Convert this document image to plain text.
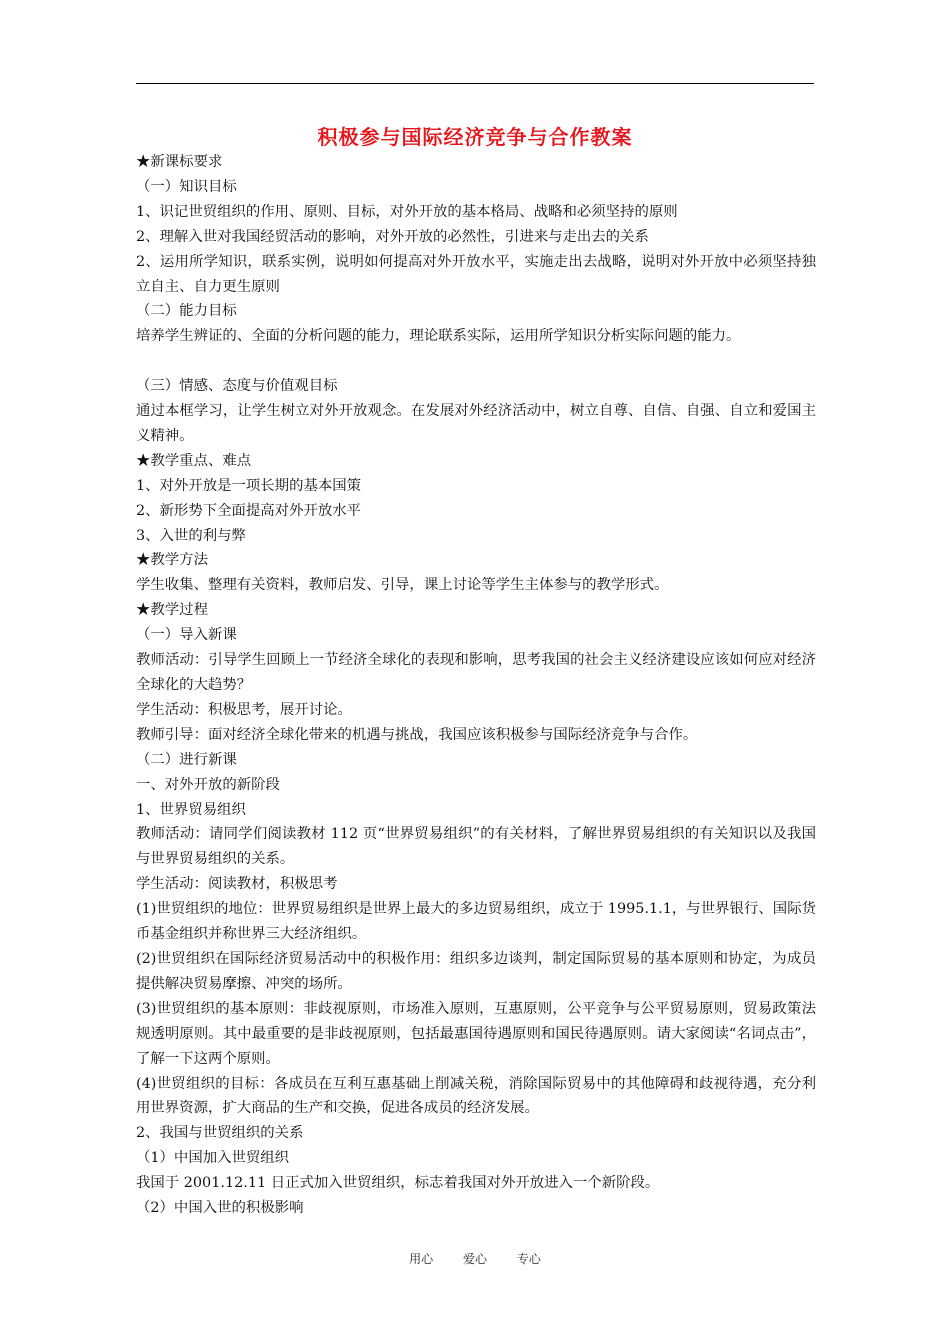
积极参与国际经济竞争与合作教案
★新课标要求
（一）知识目标
1、识记世贸组织的作用、原则、目标，对外开放的基本格局、战略和必须坚持的原则
2、理解入世对我国经贸活动的影响，对外开放的必然性，引进来与走出去的关系
2、运用所学知识，联系实例，说明如何提高对外开放水平，实施走出去战略，说明对外开放中必须坚持独立自主、自力更生原则
（二）能力目标
培养学生辨证的、全面的分析问题的能力，理论联系实际，运用所学知识分析实际问题的能力。
（三）情感、态度与价值观目标
通过本框学习，让学生树立对外开放观念。在发展对外经济活动中，树立自尊、自信、自强、自立和爱国主义精神。
★教学重点、难点
1、对外开放是一项长期的基本国策
2、新形势下全面提高对外开放水平
3、入世的利与弊
★教学方法
学生收集、整理有关资料，教师启发、引导，课上讨论等学生主体参与的教学形式。
★教学过程
（一）导入新课
教师活动：引导学生回顾上一节经济全球化的表现和影响，思考我国的社会主义经济建设应该如何应对经济全球化的大趋势？
学生活动：积极思考，展开讨论。
教师引导：面对经济全球化带来的机遇与挑战，我国应该积极参与国际经济竞争与合作。
（二）进行新课
一、对外开放的新阶段
1、世界贸易组织
教师活动：请同学们阅读教材 112 页“世界贸易组织”的有关材料，了解世界贸易组织的有关知识以及我国与世界贸易组织的关系。
学生活动：阅读教材，积极思考
(1)世贸组织的地位：世界贸易组织是世界上最大的多边贸易组织，成立于 1995.1.1，与世界银行、国际货币基金组织并称世界三大经济组织。
(2)世贸组织在国际经济贸易活动中的积极作用：组织多边谈判，制定国际贸易的基本原则和协定，为成员提供解决贸易摩擦、冲突的场所。
(3)世贸组织的基本原则：非歧视原则，市场准入原则，互惠原则，公平竞争与公平贸易原则，贸易政策法规透明原则。其中最重要的是非歧视原则，包括最惠国待遇原则和国民待遇原则。请大家阅读“名词点击”，了解一下这两个原则。
(4)世贸组织的目标：各成员在互利互惠基础上削减关税，消除国际贸易中的其他障碍和歧视待遇，充分利用世界资源，扩大商品的生产和交换，促进各成员的经济发展。
2、我国与世贸组织的关系
（1）中国加入世贸组织
我国于 2001.12.11 日正式加入世贸组织，标志着我国对外开放进入一个新阶段。
（2）中国入世的积极影响
用心 爱心 专心
